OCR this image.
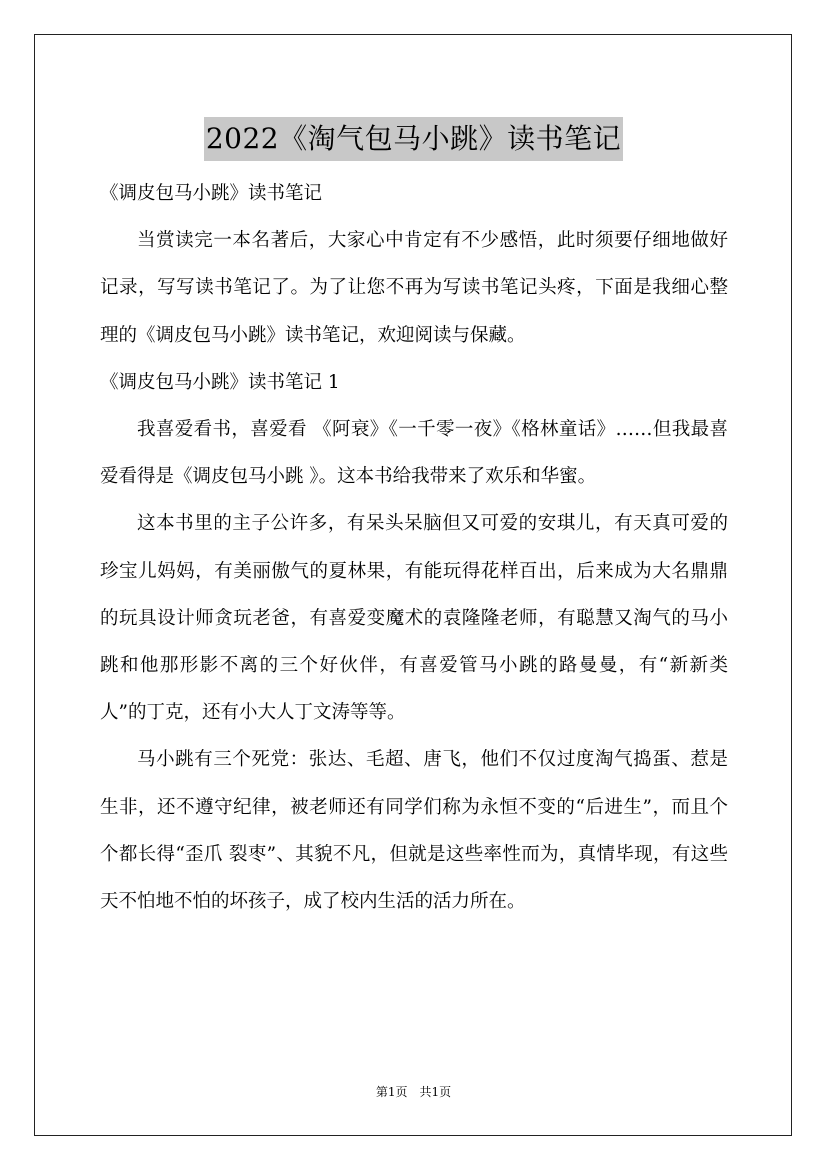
2022《淘气包马小跳》读书笔记

《调皮包马小跳》读书笔记

当赏读完一本名著后，大家心中肯定有不少感悟，此时须要仔细地做好记录，写写读书笔记了。为了让您不再为写读书笔记头疼，下面是我细心整理的《调皮包马小跳》读书笔记，欢迎阅读与保藏。

《调皮包马小跳》读书笔记 1

我喜爱看书，喜爱看 《阿衰》《一千零一夜》《格林童话》……但我最喜爱看得是《调皮包马小跳 》。这本书给我带来了欢乐和华蜜。

这本书里的主子公许多，有呆头呆脑但又可爱的安琪儿，有天真可爱的珍宝儿妈妈，有美丽傲气的夏林果，有能玩得花样百出，后来成为大名鼎鼎的玩具设计师贪玩老爸，有喜爱变魔术的袁隆隆老师，有聪慧又淘气的马小跳和他那形影不离的三个好伙伴，有喜爱管马小跳的路曼曼，有“新新类人”的丁克，还有小大人丁文涛等等。

马小跳有三个死党：张达、毛超、唐飞，他们不仅过度淘气捣蛋、惹是生非，还不遵守纪律，被老师还有同学们称为永恒不变的“后进生”，而且个个都长得“歪爪 裂枣”、其貌不凡，但就是这些率性而为，真情毕现，有这些天不怕地不怕的坏孩子，成了校内生活的活力所在。

第1页　共1页
